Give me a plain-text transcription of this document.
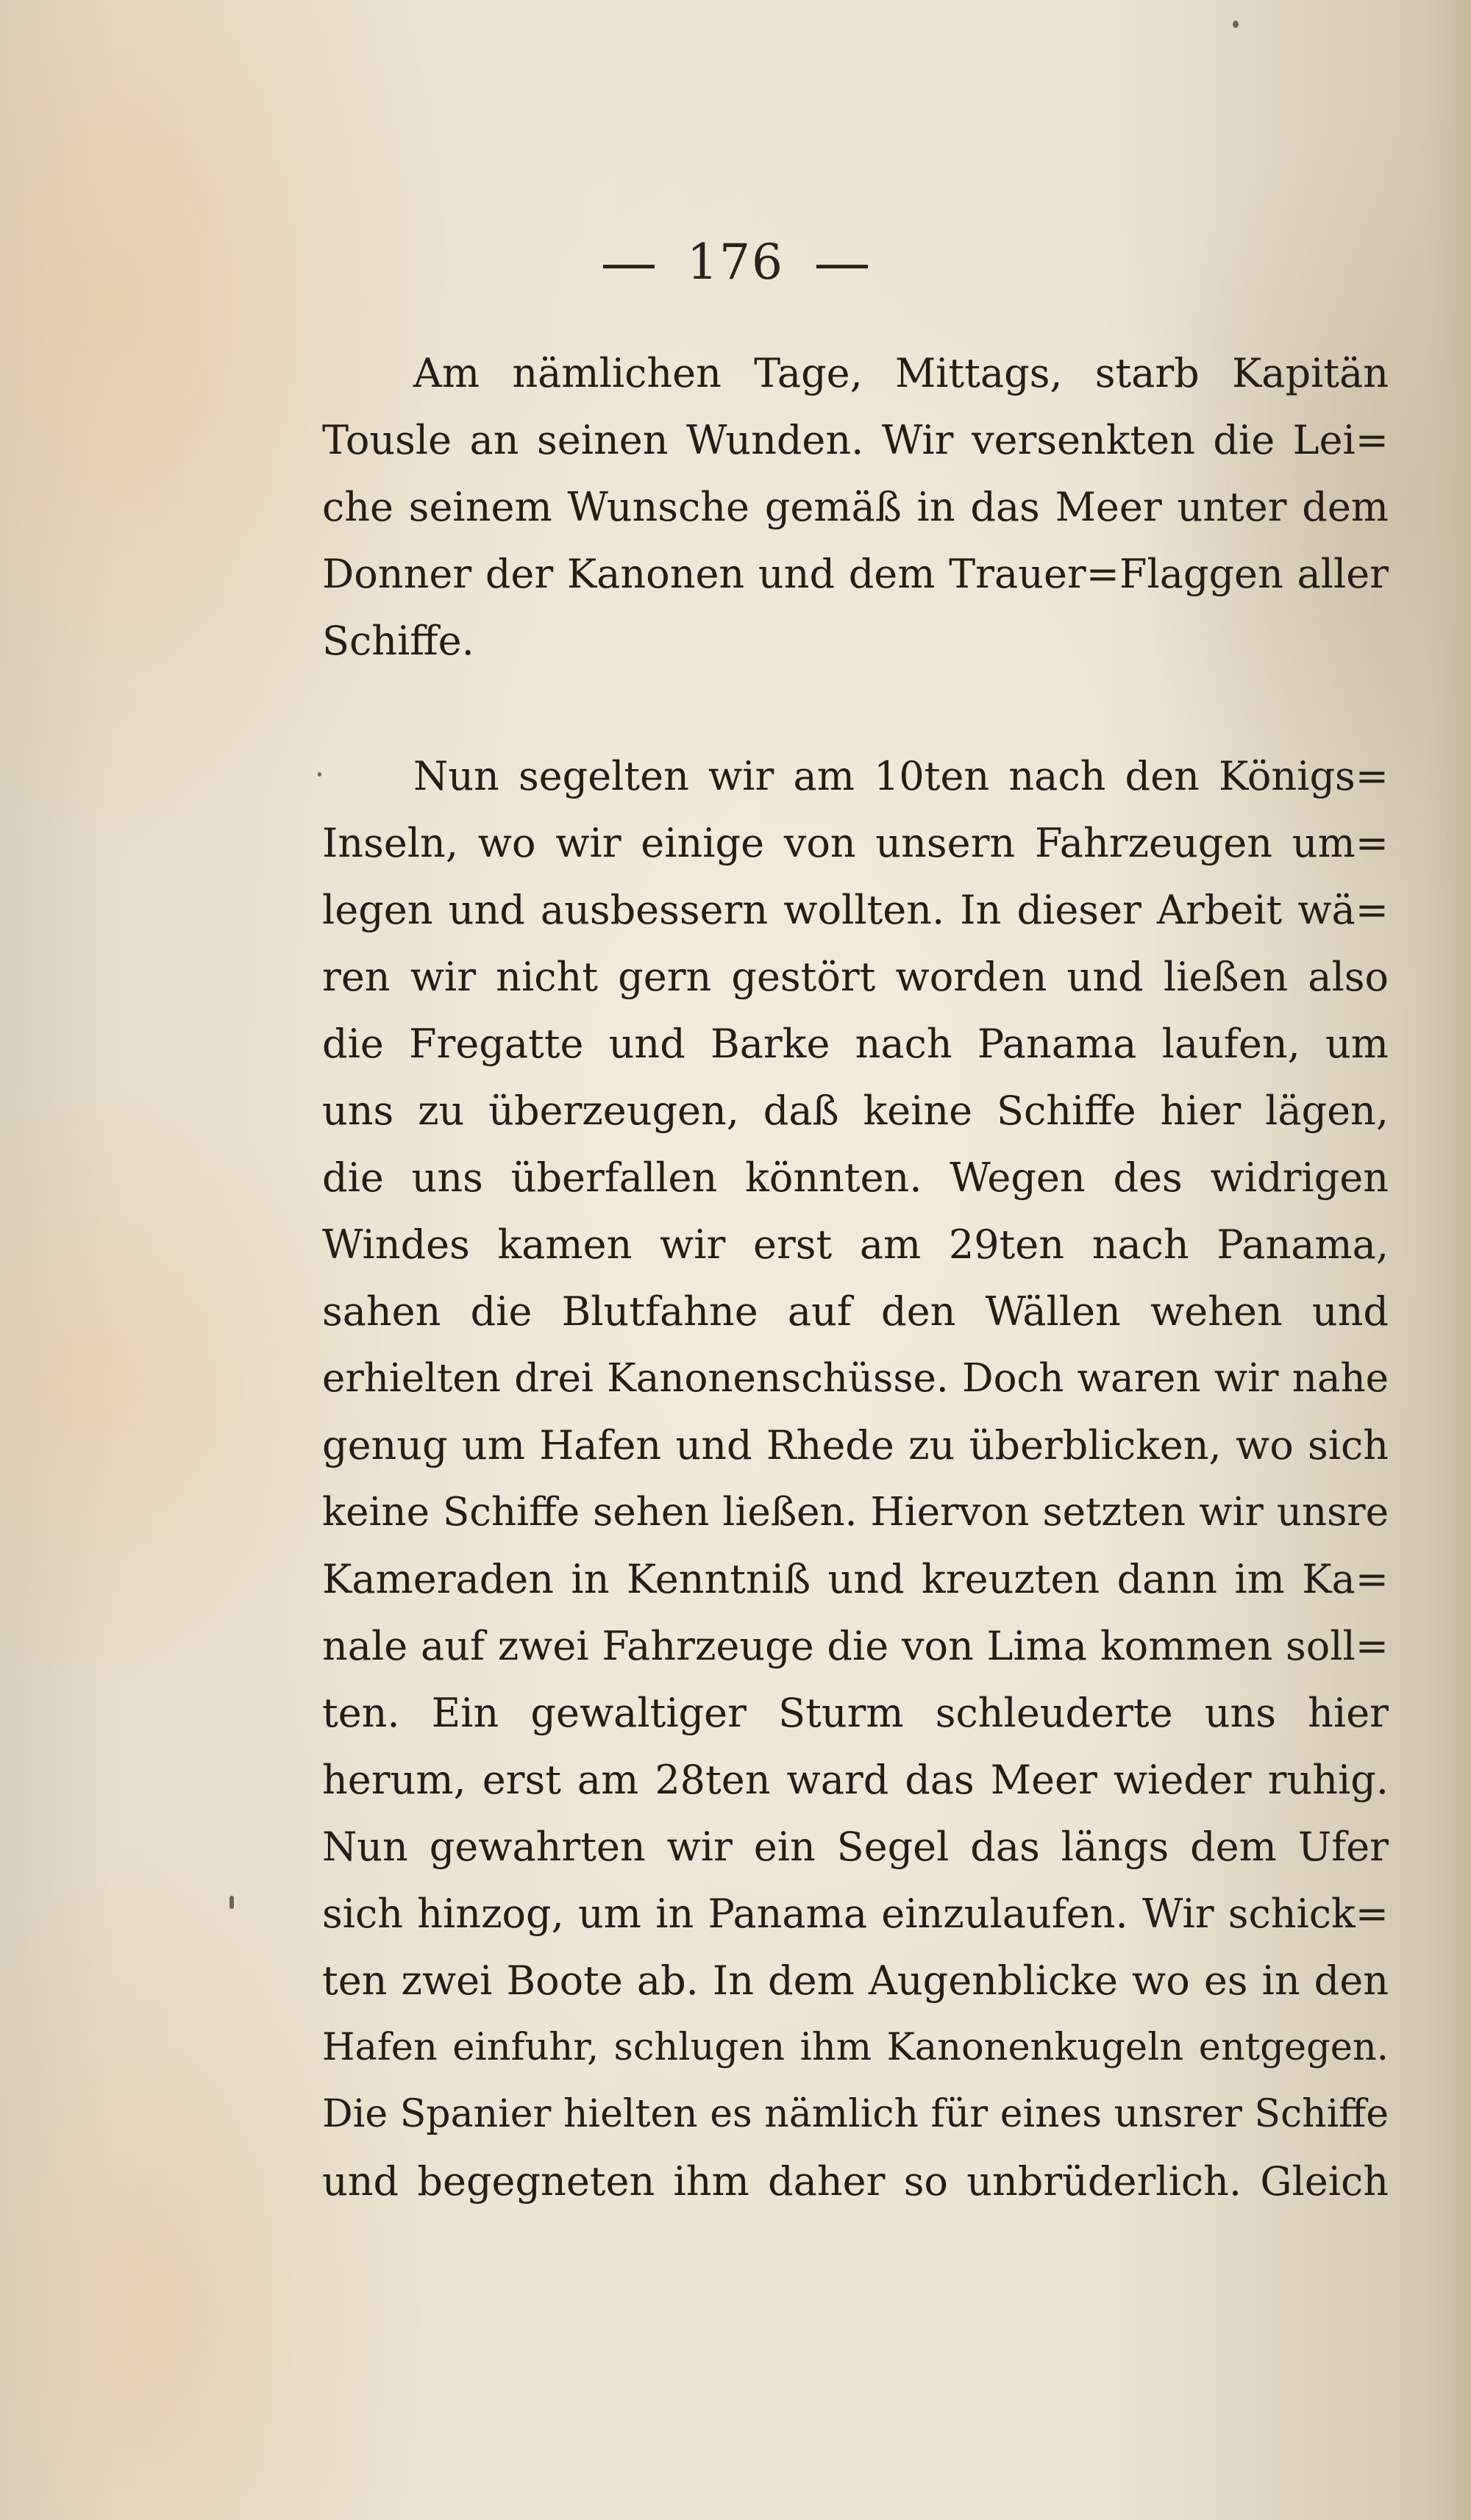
176
Am nämlichen Tage, Mittags, starb Kapitän
Tousle an seinen Wunden. Wir versenkten die Lei=
che seinem Wunsche gemäß in das Meer unter dem
Donner der Kanonen und dem Trauer=Flaggen aller
Schiffe.
Nun segelten wir am 10ten nach den Königs=
Inseln, wo wir einige von unsern Fahrzeugen um=
legen und ausbessern wollten. In dieser Arbeit wä=
ren wir nicht gern gestört worden und ließen also
die Fregatte und Barke nach Panama laufen, um
uns zu überzeugen, daß keine Schiffe hier lägen,
die uns überfallen könnten. Wegen des widrigen
Windes kamen wir erst am 29ten nach Panama,
sahen die Blutfahne auf den Wällen wehen und
erhielten drei Kanonenschüsse. Doch waren wir nahe
genug um Hafen und Rhede zu überblicken, wo sich
keine Schiffe sehen ließen. Hiervon setzten wir unsre
Kameraden in Kenntniß und kreuzten dann im Ka=
nale auf zwei Fahrzeuge die von Lima kommen soll=
ten. Ein gewaltiger Sturm schleuderte uns hier
herum, erst am 28ten ward das Meer wieder ruhig.
Nun gewahrten wir ein Segel das längs dem Ufer
sich hinzog, um in Panama einzulaufen. Wir schick=
ten zwei Boote ab. In dem Augenblicke wo es in den
Hafen einfuhr, schlugen ihm Kanonenkugeln entgegen.
Die Spanier hielten es nämlich für eines unsrer Schiffe
und begegneten ihm daher so unbrüderlich. Gleich
